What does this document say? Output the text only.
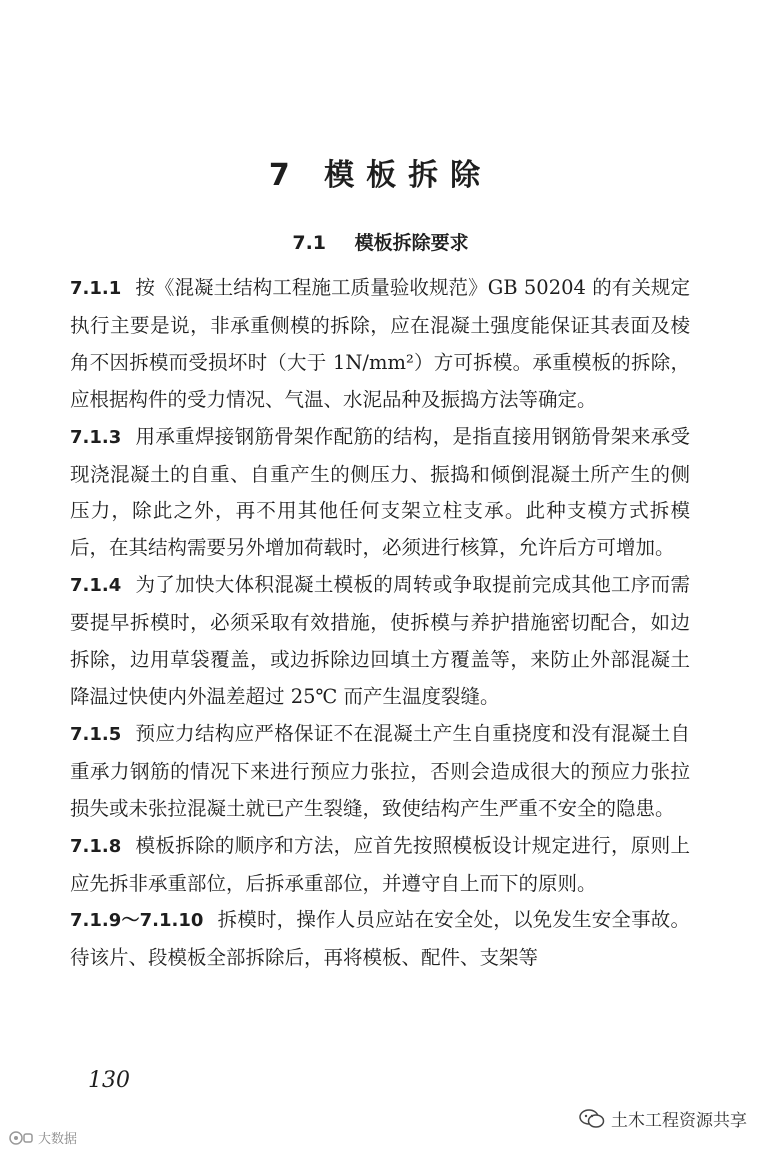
7 模板拆除
7.1 模板拆除要求

7.1.1 按《混凝土结构工程施工质量验收规范》GB 50204 的有关规定执行主要是说，非承重侧模的拆除，应在混凝土强度能保证其表面及棱角不因拆模而受损坏时（大于 1N/mm²）方可拆模。承重模板的拆除，应根据构件的受力情况、气温、水泥品种及振捣方法等确定。

7.1.3 用承重焊接钢筋骨架作配筋的结构，是指直接用钢筋骨架来承受现浇混凝土的自重、自重产生的侧压力、振捣和倾倒混凝土所产生的侧压力，除此之外，再不用其他任何支架立柱支承。此种支模方式拆模后，在其结构需要另外增加荷载时，必须进行核算，允许后方可增加。

7.1.4 为了加快大体积混凝土模板的周转或争取提前完成其他工序而需要提早拆模时，必须采取有效措施，使拆模与养护措施密切配合，如边拆除，边用草袋覆盖，或边拆除边回填土方覆盖等，来防止外部混凝土降温过快使内外温差超过 25℃ 而产生温度裂缝。

7.1.5 预应力结构应严格保证不在混凝土产生自重挠度和没有混凝土自重承力钢筋的情况下来进行预应力张拉，否则会造成很大的预应力张拉损失或未张拉混凝土就已产生裂缝，致使结构产生严重不安全的隐患。

7.1.8 模板拆除的顺序和方法，应首先按照模板设计规定进行，原则上应先拆非承重部位，后拆承重部位，并遵守自上而下的原则。

7.1.9～7.1.10 拆模时，操作人员应站在安全处，以免发生安全事故。待该片、段模板全部拆除后，再将模板、配件、支架等

130
土木工程资源共享
大数据
